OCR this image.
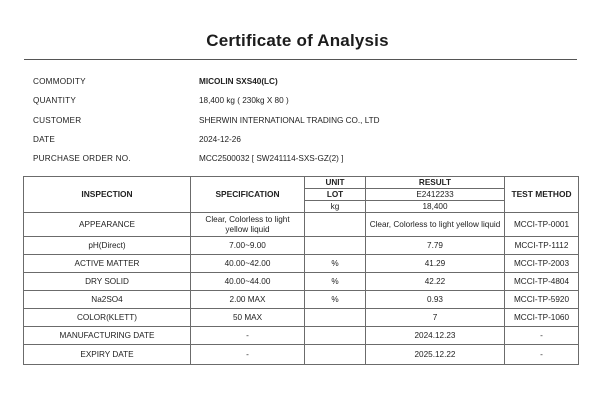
Certificate of Analysis
COMMODITY	MICOLIN SXS40(LC)
QUANTITY	18,400 kg ( 230kg X 80 )
CUSTOMER	SHERWIN INTERNATIONAL TRADING CO., LTD
DATE	2024-12-26
PURCHASE ORDER NO.	MCC2500032 [ SW241114-SXS-GZ(2) ]
INSPECTION	SPECIFICATION	UNIT	RESULT	TEST METHOD
		LOT	E2412233	
		kg	18,400	
APPEARANCE	Clear, Colorless to light yellow liquid		Clear, Colorless to light yellow liquid	MCCI-TP-0001
pH(Direct)	7.00~9.00		7.79	MCCI-TP-1112
ACTIVE MATTER	40.00~42.00	%	41.29	MCCI-TP-2003
DRY SOLID	40.00~44.00	%	42.22	MCCI-TP-4804
Na2SO4	2.00 MAX	%	0.93	MCCI-TP-5920
COLOR(KLETT)	50 MAX		7	MCCI-TP-1060
MANUFACTURING DATE	-		2024.12.23	-
EXPIRY DATE	-		2025.12.22	-
